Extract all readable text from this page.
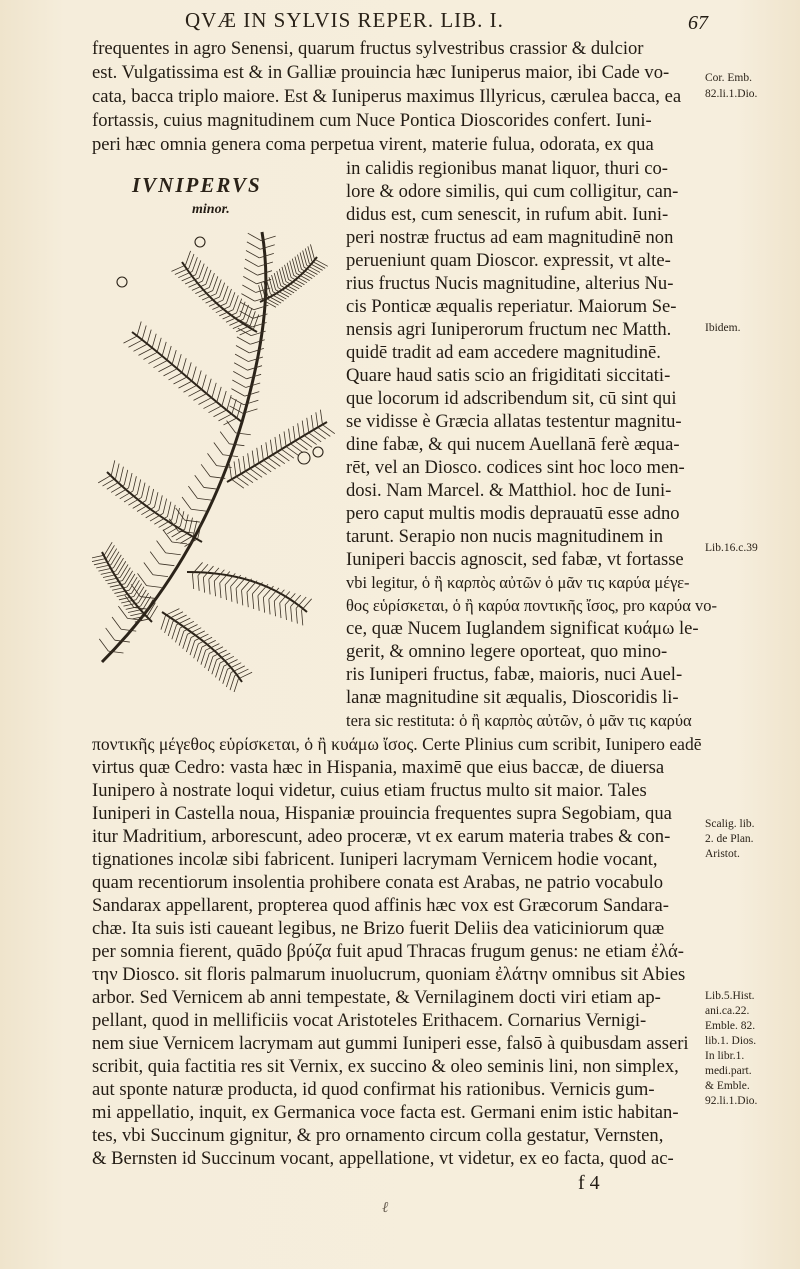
QVÆ IN SYLVIS REPER. LIB. I.	67
frequentes in agro Senensi, quarum fructus sylvestribus crassior & dulcior
est. Vulgatissima est & in Galliæ prouincia hæc Iuniperus maior, ibi Cade vo-
cata, bacca triplo maiore. Est & Iuniperus maximus Illyricus, cærulea bacca, ea
fortassis, cuius magnitudinem cum Nuce Pontica Dioscorides confert. Iuni-
peri hæc omnia genera coma perpetua virent, materie fulua, odorata, ex qua
IVNIPERVS
minor.
in calidis regionibus manat liquor, thuri co-
lore & odore similis, qui cum colligitur, can-
didus est, cum senescit, in rufum abit. Iuni-
peri nostræ fructus ad eam magnitudinē non
perueniunt quam Dioscor. expressit, vt alte-
rius fructus Nucis magnitudine, alterius Nu-
cis Ponticæ æqualis reperiatur. Maiorum Se-
nensis agri Iuniperorum fructum nec Matth.
quidē tradit ad eam accedere magnitudinē.
Quare haud satis scio an frigiditati siccitati-
que locorum id adscribendum sit, cū sint qui
se vidisse è Græcia allatas testentur magnitu-
dine fabæ, & qui nucem Auellanā ferè æqua-
rēt, vel an Diosco. codices sint hoc loco men-
dosi. Nam Marcel. & Matthiol. hoc de Iuni-
pero caput multis modis deprauatū esse adno
tarunt. Serapio non nucis magnitudinem in
Iuniperi baccis agnoscit, sed fabæ, vt fortasse
vbi legitur, ὁ ἢ καρπὸς αὐτῶν ὁ μᾶν τις καρύα μέγε-
θος εὑρίσκεται, ὁ ἢ καρύα ποντικῆς ἴσος, pro καρύα vo-
ce, quæ Nucem Iuglandem significat κυάμω le-
gerit, & omnino legere oporteat, quo mino-
ris Iuniperi fructus, fabæ, maioris, nuci Auel-
lanæ magnitudine sit æqualis, Dioscoridis li-
tera sic restituta: ὁ ἢ καρπὸς αὐτῶν, ὁ μᾶν τις καρύα
ποντικῆς μέγεθος εὑρίσκεται, ὁ ἢ κυάμω ἴσος. Certe Plinius cum scribit, Iunipero eadē
virtus quæ Cedro: vasta hæc in Hispania, maximē que eius baccæ, de diuersa
Iunipero à nostrate loqui videtur, cuius etiam fructus multo sit maior. Tales
Iuniperi in Castella noua, Hispaniæ prouincia frequentes supra Segobiam, qua
itur Madritium, arborescunt, adeo proceræ, vt ex earum materia trabes & con-
tignationes incolæ sibi fabricent. Iuniperi lacrymam Vernicem hodie vocant,
quam recentiorum insolentia prohibere conata est Arabas, ne patrio vocabulo
Sandarax appellarent, propterea quod affinis hæc vox est Græcorum Sandara-
chæ. Ita suis isti caueant legibus, ne Brizo fuerit Deliis dea vaticiniorum quæ
per somnia fierent, quādo βρύζα fuit apud Thracas frugum genus: ne etiam ἐλά-
την Diosco. sit floris palmarum inuolucrum, quoniam ἐλάτην omnibus sit Abies
arbor. Sed Vernicem ab anni tempestate, & Vernilaginem docti viri etiam ap-
pellant, quod in mellificiis vocat Aristoteles Erithacem. Cornarius Vernigi-
nem siue Vernicem lacrymam aut gummi Iuniperi esse, falsō à quibusdam asseri
scribit, quia factitia res sit Vernix, ex succino & oleo seminis lini, non simplex,
aut sponte naturæ producta, id quod confirmat his rationibus. Vernicis gum-
mi appellatio, inquit, ex Germanica voce facta est. Germani enim istic habitan-
tes, vbi Succinum gignitur, & pro ornamento circum colla gestatur, Vernsten,
Cor. Emb.
82.li.1.Dio.
Ibidem.
Lib.16.c.39
Scalig. lib.
2. de Plan.
Aristot.
Lib.5.Hist.
ani.ca.22.
Emble. 82.
lib.1. Dios.
In libr.1.
medi.part.
& Emble.
92.li.1.Dio.
f 4
ℓ
& Bernsten id Succinum vocant, appellatione, vt videtur, ex eo facta, quod ac-
